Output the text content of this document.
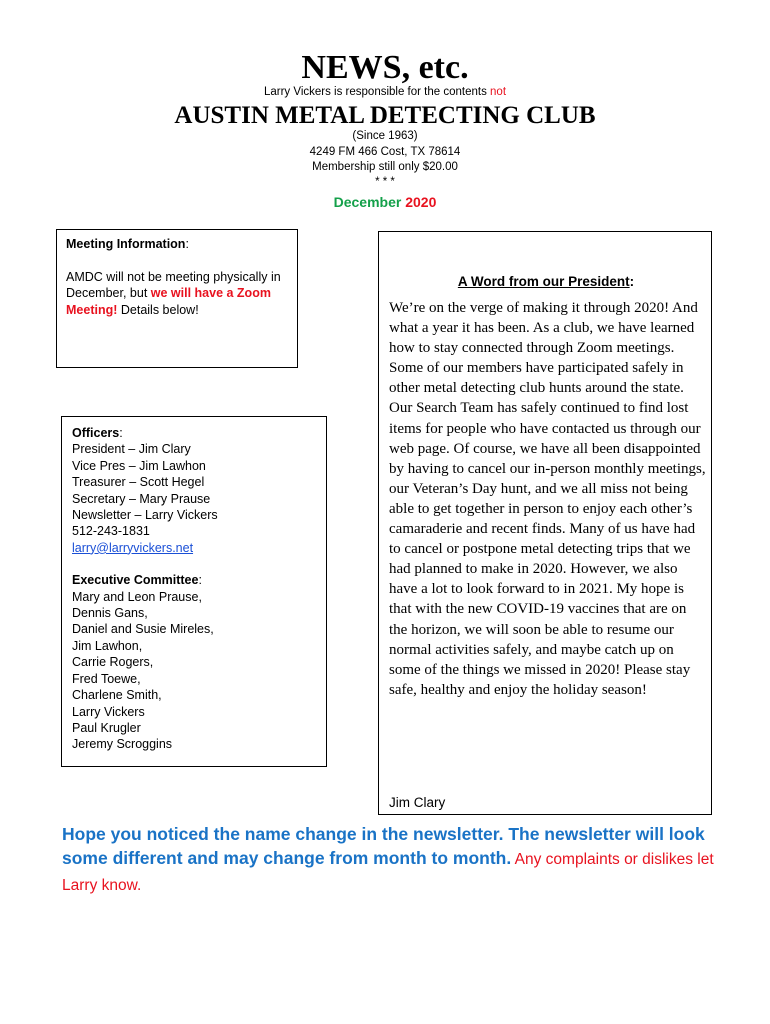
NEWS, etc.
Larry Vickers is responsible for the contents not
AUSTIN METAL DETECTING CLUB
(Since 1963)
4249 FM 466 Cost, TX 78614
Membership still only $20.00
* * *
December 2020

Meeting Information:

AMDC will not be meeting physically in December, but we will have a Zoom Meeting! Details below!

Officers:
President – Jim Clary
Vice Pres – Jim Lawhon
Treasurer – Scott Hegel
Secretary – Mary Prause
Newsletter – Larry Vickers
512-243-1831
larry@larryvickers.net
Executive Committee:
Mary and Leon Prause,
Dennis Gans,
Daniel and Susie Mireles,
Jim Lawhon,
Carrie Rogers,
Fred Toewe,
Charlene Smith,
Larry Vickers
Paul Krugler
Jeremy Scroggins
A Word from our President:
We’re on the verge of making it through 2020! And what a year it has been. As a club, we have learned how to stay connected through Zoom meetings. Some of our members have participated safely in other metal detecting club hunts around the state. Our Search Team has safely continued to find lost items for people who have contacted us through our web page. Of course, we have all been disappointed by having to cancel our in-person monthly meetings, our Veteran’s Day hunt, and we all miss not being able to get together in person to enjoy each other’s camaraderie and recent finds. Many of us have had to cancel or postpone metal detecting trips that we had planned to make in 2020. However, we also have a lot to look forward to in 2021. My hope is that with the new COVID-19 vaccines that are on the horizon, we will soon be able to resume our normal activities safely, and maybe catch up on some of the things we missed in 2020! Please stay safe, healthy and enjoy the holiday season!
Jim Clary
Hope you noticed the name change in the newsletter. The newsletter will look some different and may change from month to month. Any complaints or dislikes let Larry know.
